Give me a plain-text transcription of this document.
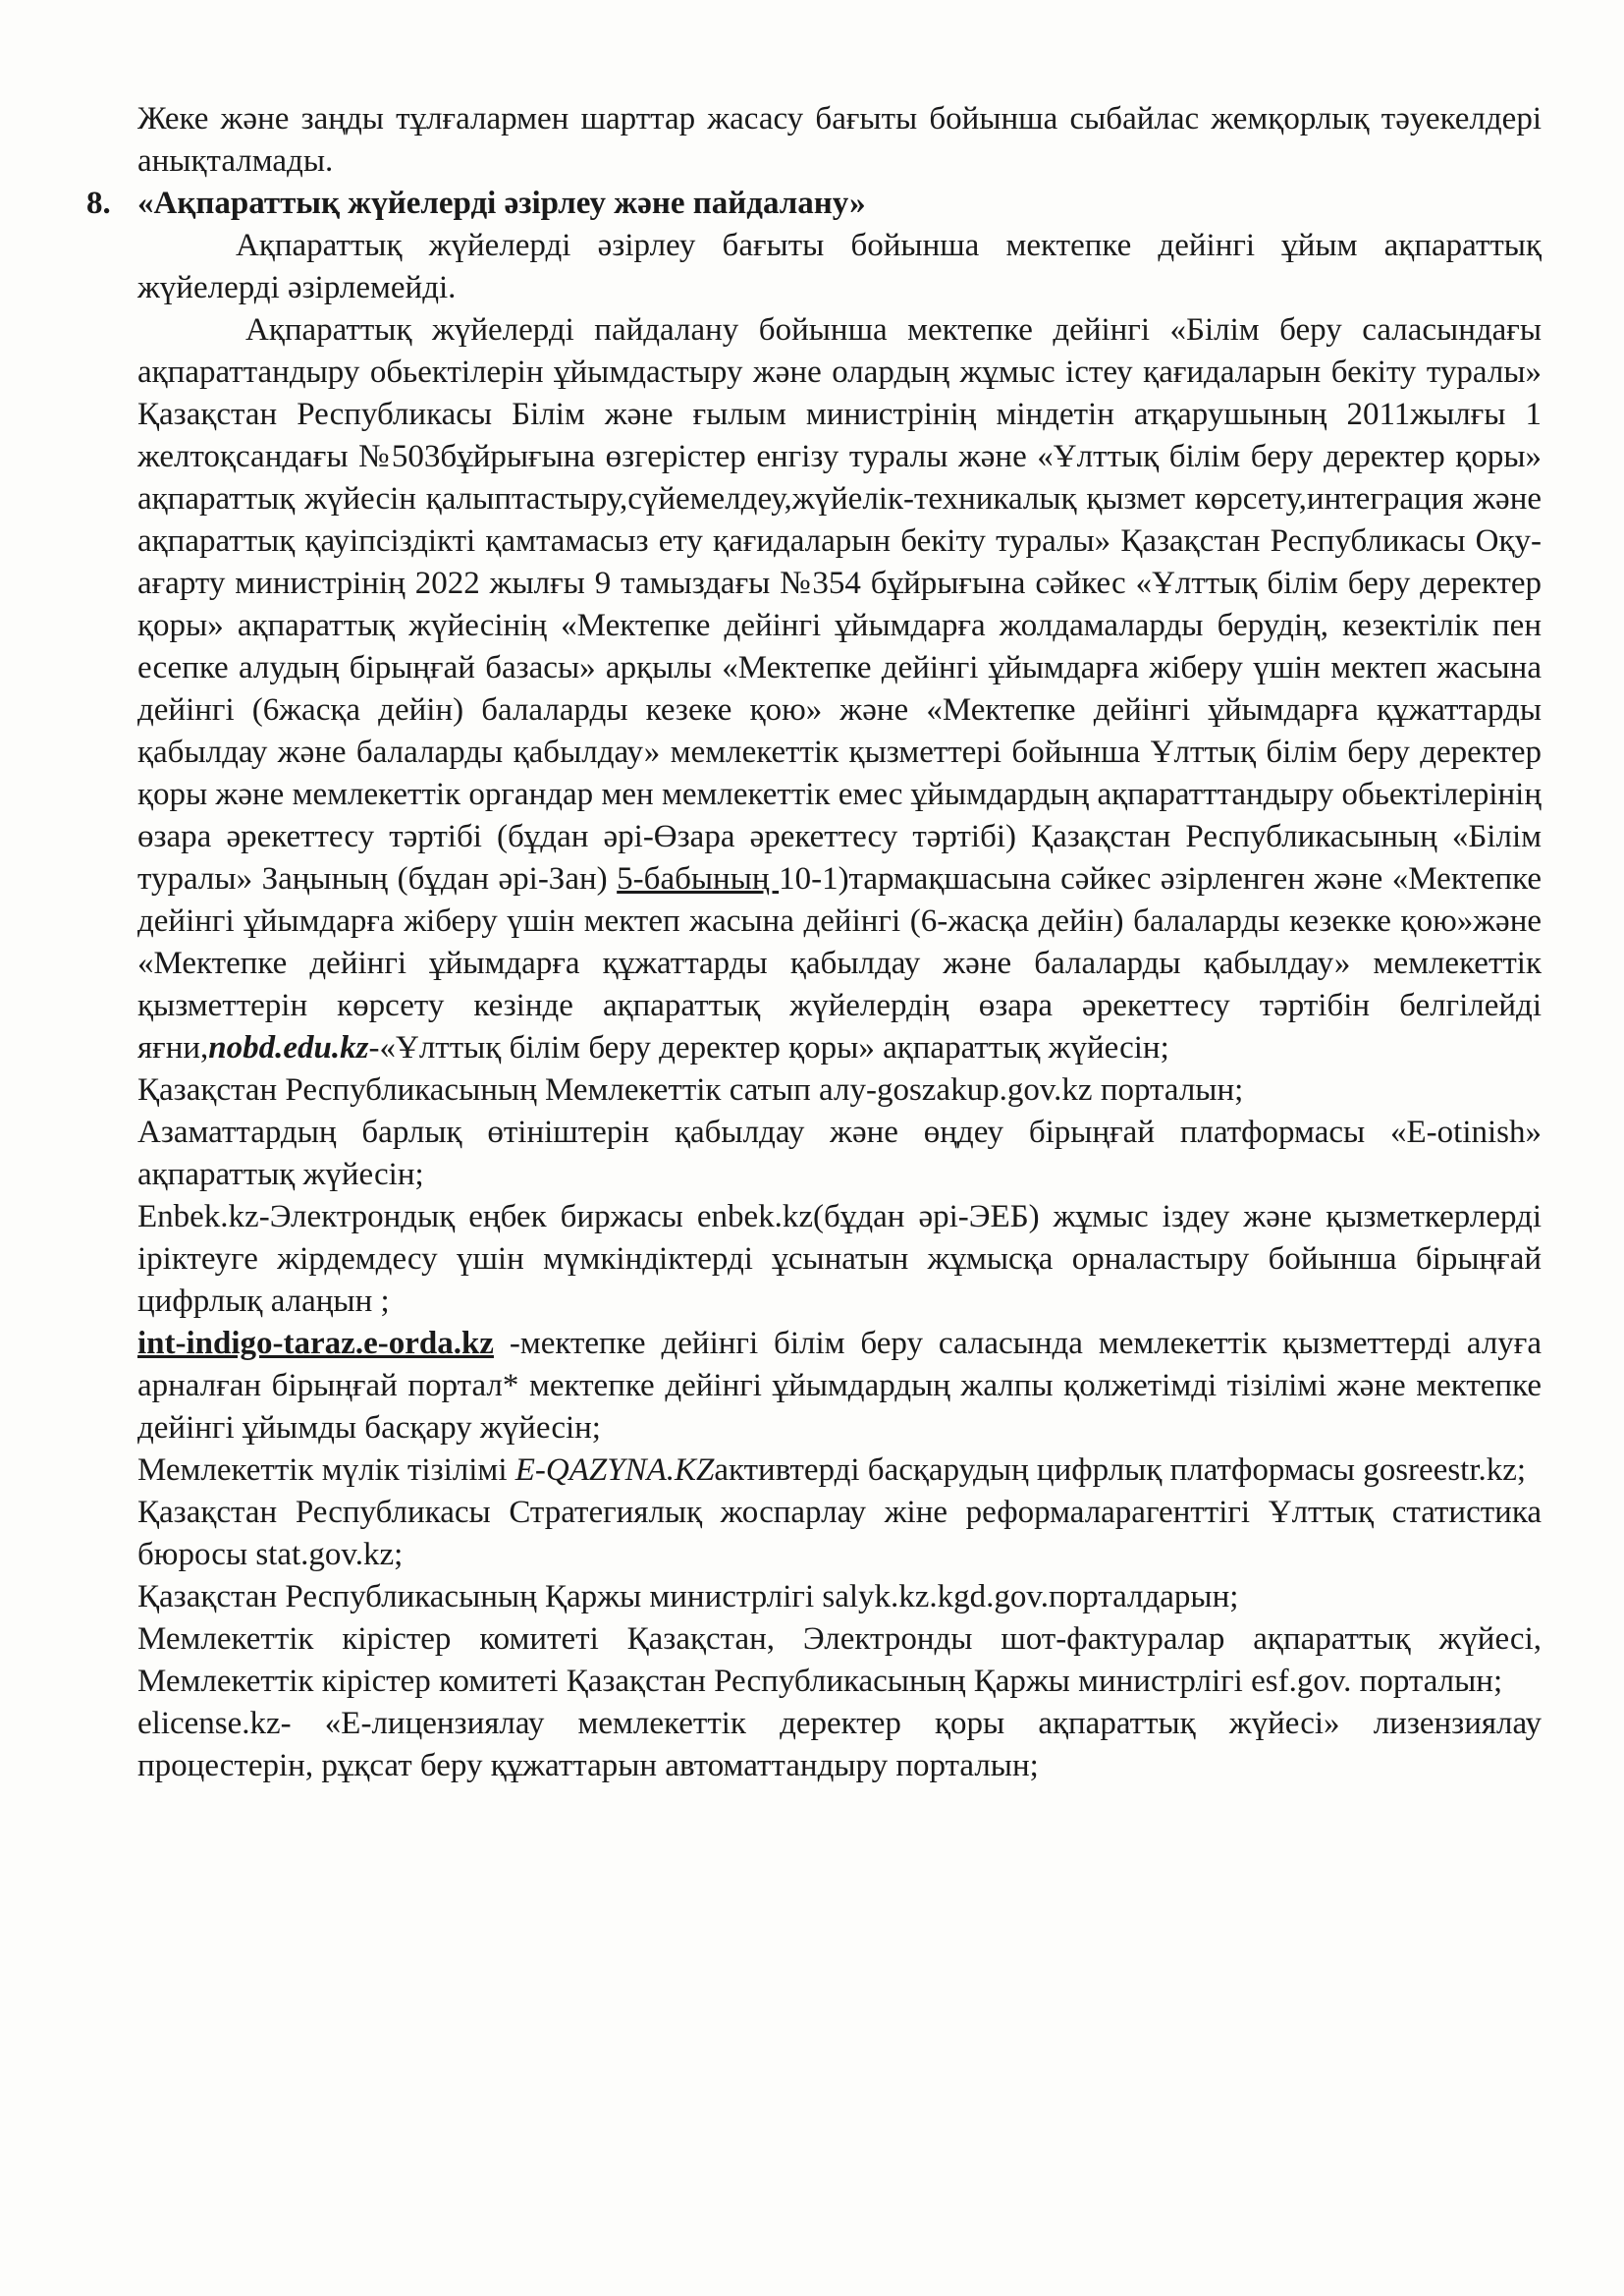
Жеке және заңды тұлғалармен шарттар жасасу бағыты бойынша сыбайлас жемқорлық тәуекелдері анықталмады.

8. «Ақпараттық жүйелерді әзірлеу және пайдалану»

Ақпараттық жүйелерді әзірлеу бағыты бойынша мектепке дейінгі ұйым ақпараттық жүйелерді әзірлемейді.

Ақпараттық жүйелерді пайдалану бойынша мектепке дейінгі «Білім беру саласындағы ақпараттандыру обьектілерін ұйымдастыру және олардың жұмыс істеу қағидаларын бекіту туралы» Қазақстан Республикасы Білім және ғылым министрінің міндетін атқарушының 2011жылғы 1 желтоқсандағы №503бұйрығына өзгерістер енгізу туралы және «Ұлттық білім беру деректер қоры» ақпараттық жүйесін қалыптастыру,сүйемелдеу,жүйелік-техникалық қызмет көрсету,интеграция және ақпараттық қауіпсіздікті қамтамасыз ету қағидаларын бекіту туралы» Қазақстан Республикасы Оқу-ағарту министрінің 2022 жылғы 9 тамыздағы №354 бұйрығына сәйкес «Ұлттық білім беру деректер қоры» ақпараттық жүйесінің «Мектепке дейінгі ұйымдарға жолдамаларды берудің, кезектілік пен есепке алудың бірыңғай базасы» арқылы «Мектепке дейінгі ұйымдарға жіберу үшін мектеп жасына дейінгі (6жасқа дейін) балаларды кезеке қою» және «Мектепке дейінгі ұйымдарға құжаттарды қабылдау және балаларды қабылдау» мемлекеттік қызметтері бойынша Ұлттық білім беру деректер қоры және мемлекеттік органдар мен мемлекеттік емес ұйымдардың ақпаратттандыру обьектілерінің өзара әрекеттесу тәртібі (бұдан әрі-Өзара әрекеттесу тәртібі) Қазақстан Республикасының «Білім туралы» Заңының (бұдан әрі-Зан) 5-бабының 10-1)тармақшасына сәйкес әзірленген және «Мектепке дейінгі ұйымдарға жіберу үшін мектеп жасына дейінгі (6-жасқа дейін) балаларды кезекке қою»және «Мектепке дейінгі ұйымдарға құжаттарды қабылдау және балаларды қабылдау» мемлекеттік қызметтерін көрсету кезінде ақпараттық жүйелердің өзара әрекеттесу тәртібін белгілейді яғни,nobd.edu.kz-«Ұлттық білім беру деректер қоры» ақпараттық жүйесін;

Қазақстан Республикасының Мемлекеттік сатып алу-goszakup.gov.kz порталын;

Азаматтардың барлық өтініштерін қабылдау және өңдеу бірыңғай платформасы «E-otinish» ақпараттық жүйесін;

Enbek.kz-Электрондық еңбек биржасы enbek.kz(бұдан әрі-ЭЕБ) жұмыс іздеу және қызметкерлерді іріктеуге жірдемдесу үшін мүмкіндіктерді ұсынатын жұмысқа орналастыру бойынша бірыңғай цифрлық алаңын ;

int-indigo-taraz.e-orda.kz -мектепке дейінгі білім беру саласында мемлекеттік қызметтерді алуға арналған бірыңғай портал* мектепке дейінгі ұйымдардың жалпы қолжетімді тізілімі және мектепке дейінгі ұйымды басқару жүйесін;

Мемлекеттік мүлік тізілімі E-QAZYNA.KZактивтерді басқарудың цифрлық платформасы gosreestr.kz;

Қазақстан Республикасы Стратегиялық жоспарлау жіне реформаларагенттігі Ұлттық статистика бюросы stat.gov.kz;

Қазақстан Республикасының Қаржы министрлігі salyk.kz.kgd.gov.порталдарын;

Мемлекеттік кірістер комитеті Қазақстан, Электронды шот-фактуралар ақпараттық жүйесі, Мемлекеттік кірістер комитеті Қазақстан Республикасының Қаржы министрлігі esf.gov. порталын;

elicense.kz- «Е-лицензиялау мемлекеттік деректер қоры ақпараттық жүйесі» лизензиялау процестерін, рұқсат беру құжаттарын автоматтандыру порталын;
